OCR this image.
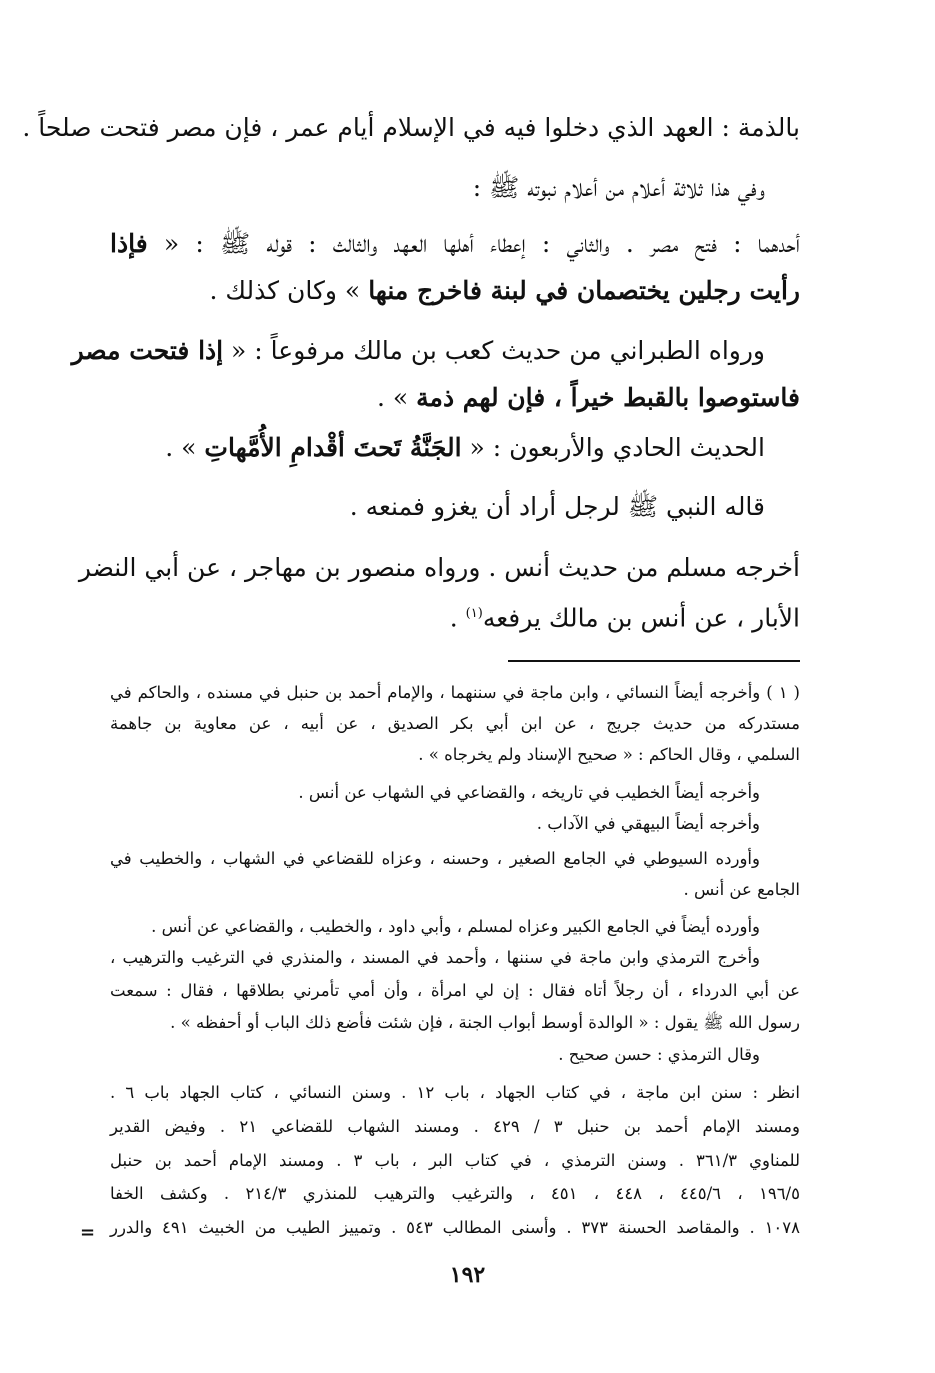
بالذمة : العهد الذي دخلوا فيه في الإسلام أيام عمر ، فإن مصر فتحت صلحاً .
وفي هذا ثلاثة أعلام من أعلام نبوته ﷺ :
أحدهما : فتح مصر . والثاني : إعطاء أهلها العهد والثالث : قوله ﷺ : « فإذا
رأيت رجلين يختصمان في لبنة فاخرج منها » وكان كذلك .
ورواه الطبراني من حديث كعب بن مالك مرفوعاً : « إذا فتحت مصر
فاستوصوا بالقبط خيراً ، فإن لهم ذمة » .
الحديث الحادي والأربعون : « الجَنَّةُ تَحتَ أقْدامِ الأُمَّهاتِ » .
قاله النبي ﷺ لرجل أراد أن يغزو فمنعه .
أخرجه مسلم من حديث أنس . ورواه منصور بن مهاجر ، عن أبي النضر
الأبار ، عن أنس بن مالك يرفعه$^{(١)}$ .
( ١ ) وأخرجه أيضاً النسائي ، وابن ماجة في سننهما ، والإمام أحمد بن حنبل في مسنده ، والحاكم في
مستدركه من حديث جريج ، عن ابن أبي بكر الصديق ، عن أبيه ، عن معاوية بن جاهمة
السلمي ، وقال الحاكم : « صحيح الإسناد ولم يخرجاه » .
وأخرجه أيضاً الخطيب في تاريخه ، والقضاعي في الشهاب عن أنس .
وأخرجه أيضاً البيهقي في الآداب .
وأورده السيوطي في الجامع الصغير ، وحسنه ، وعزاه للقضاعي في الشهاب ، والخطيب في
الجامع عن أنس .
وأورده أيضاً في الجامع الكبير وعزاه لمسلم ، وأبي داود ، والخطيب ، والقضاعي عن أنس .
وأخرج الترمذي وابن ماجة في سننها ، وأحمد في المسند ، والمنذري في الترغيب والترهيب ،
عن أبي الدرداء ، أن رجلاً أتاه فقال : إن لي امرأة ، وأن أمي تأمرني بطلاقها ، فقال : سمعت
رسول الله ﷺ يقول : « الوالدة أوسط أبواب الجنة ، فإن شئت فأضع ذلك الباب أو أحفظه » .
وقال الترمذي : حسن صحيح .
انظر : سنن ابن ماجة ، في كتاب الجهاد ، باب ١٢ . وسنن النسائي ، كتاب الجهاد باب ٦ .
ومسند الإمام أحمد بن حنبل ٣ / ٤٢٩ . ومسند الشهاب للقضاعي ٢١ . وفيض القدير
للمناوي ٣٦١/٣ . وسنن الترمذي ، في كتاب البر ، باب ٣ . ومسند الإمام أحمد بن حنبل
١٩٦/٥ ، ٤٤٥/٦ ، ٤٤٨ ، ٤٥١ ، والترغيب والترهيب للمنذري ٢١٤/٣ . وكشف الخفا
١٠٧٨ . والمقاصد الحسنة ٣٧٣ . وأسنى المطالب ٥٤٣ . وتمييز الطيب من الخبيث ٤٩١ والدرر
=
١٩٢
